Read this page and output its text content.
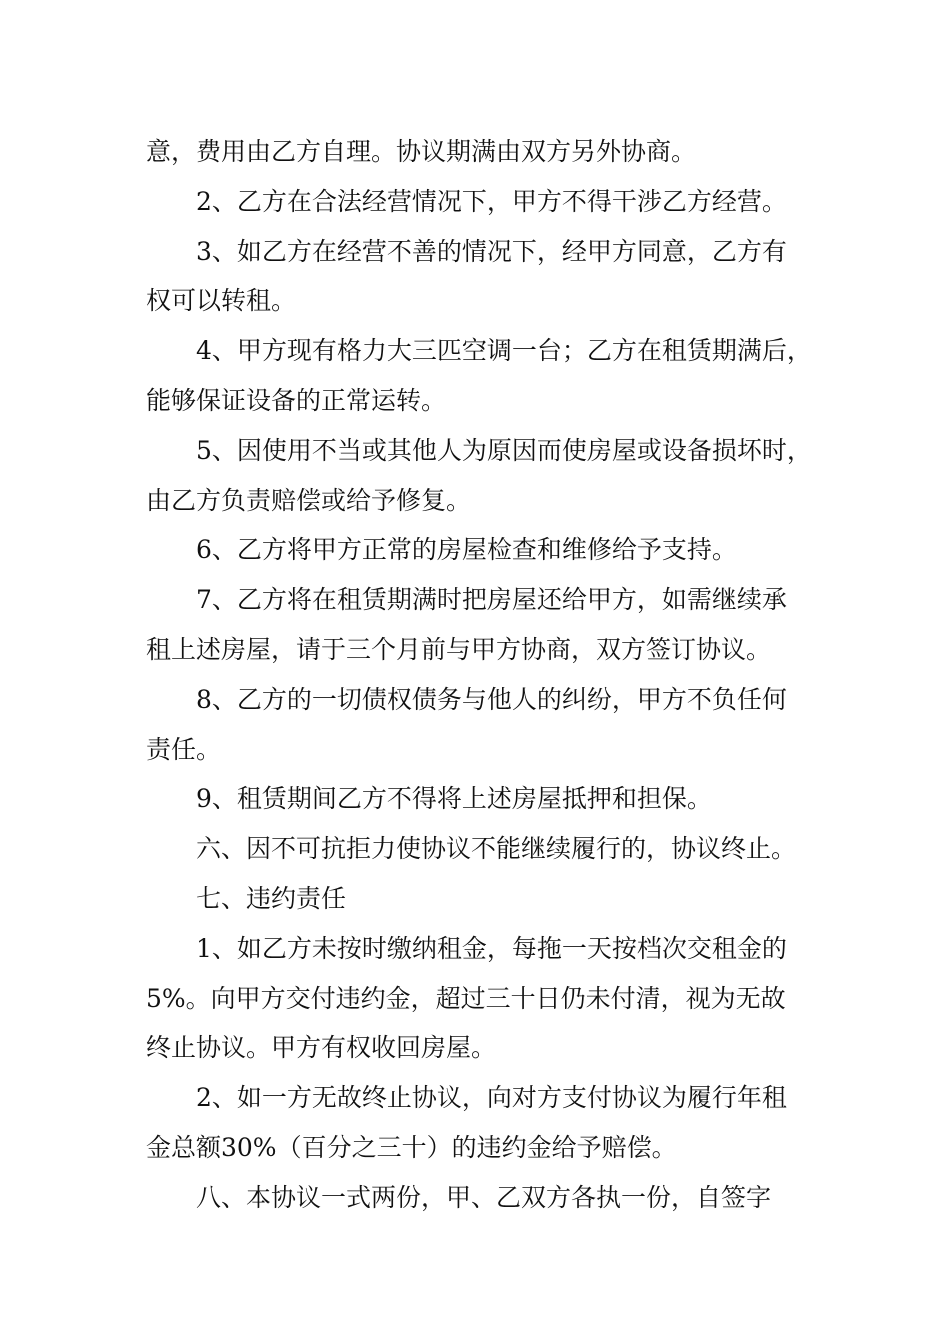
意，费用由乙方自理。协议期满由双方另外协商。
2、乙方在合法经营情况下，甲方不得干涉乙方经营。
3、如乙方在经营不善的情况下，经甲方同意，乙方有
权可以转租。
4、甲方现有格力大三匹空调一台；乙方在租赁期满后，
能够保证设备的正常运转。
5、因使用不当或其他人为原因而使房屋或设备损坏时，
由乙方负责赔偿或给予修复。
6、乙方将甲方正常的房屋检查和维修给予支持。
7、乙方将在租赁期满时把房屋还给甲方，如需继续承
租上述房屋，请于三个月前与甲方协商，双方签订协议。
8、乙方的一切债权债务与他人的纠纷，甲方不负任何
责任。
9、租赁期间乙方不得将上述房屋抵押和担保。
六、因不可抗拒力使协议不能继续履行的，协议终止。
七、违约责任
1、如乙方未按时缴纳租金，每拖一天按档次交租金的
5%。向甲方交付违约金，超过三十日仍未付清，视为无故
终止协议。甲方有权收回房屋。
2、如一方无故终止协议，向对方支付协议为履行年租
金总额30%（百分之三十）的违约金给予赔偿。
八、本协议一式两份，甲、乙双方各执一份，自签字
